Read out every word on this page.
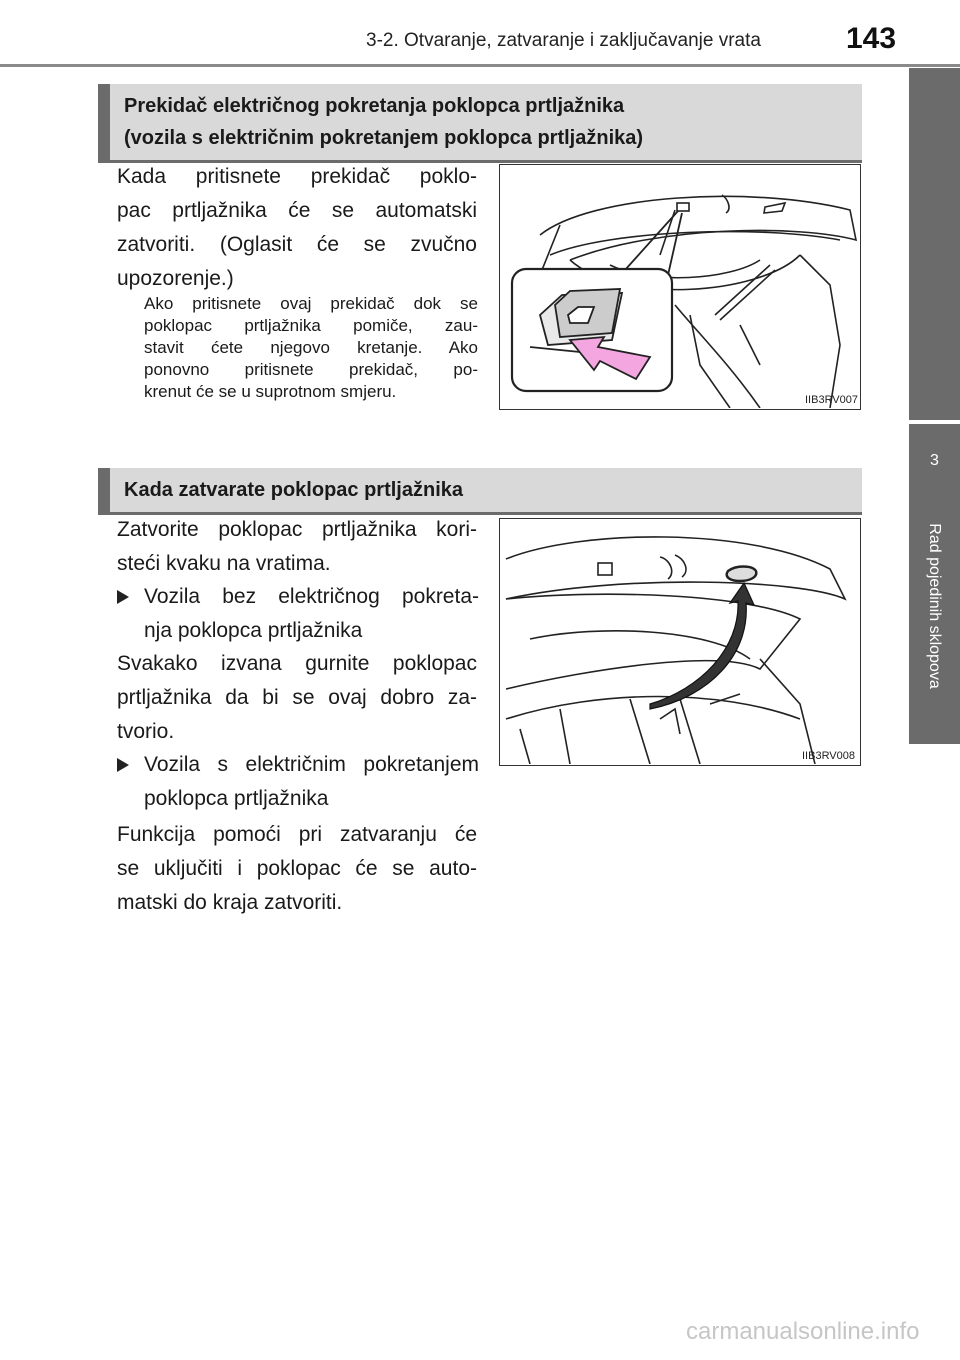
3-2. Otvaranje, zatvaranje i zaključavanje vrata	143
3
Rad pojedinih sklopova
Prekidač električnog pokretanja poklopca prtljažnika
(vozila s električnim pokretanjem poklopca prtljažnika)
Kada pritisnete prekidač poklo-
pac prtljažnika će se automatski
zatvoriti. (Oglasit će se zvučno
upozorenje.)
Ako pritisnete ovaj prekidač dok se
poklopac prtljažnika pomiče, zau-
stavit ćete njegovo kretanje. Ako
ponovno pritisnete prekidač, po-
krenut će se u suprotnom smjeru.	IIB3RV007
Kada zatvarate poklopac prtljažnika
Zatvorite poklopac prtljažnika kori-
steći kvaku na vratima.
Vozila bez električnog pokreta-
nja poklopca prtljažnika
Svakako izvana gurnite poklopac
prtljažnika da bi se ovaj dobro za-
tvorio.
Vozila s električnim pokretanjem
poklopca prtljažnika
Funkcija pomoći pri zatvaranju će
se uključiti i poklopac će se auto-
matski do kraja zatvoriti.
IIB3RV008
carmanualsonline.info
